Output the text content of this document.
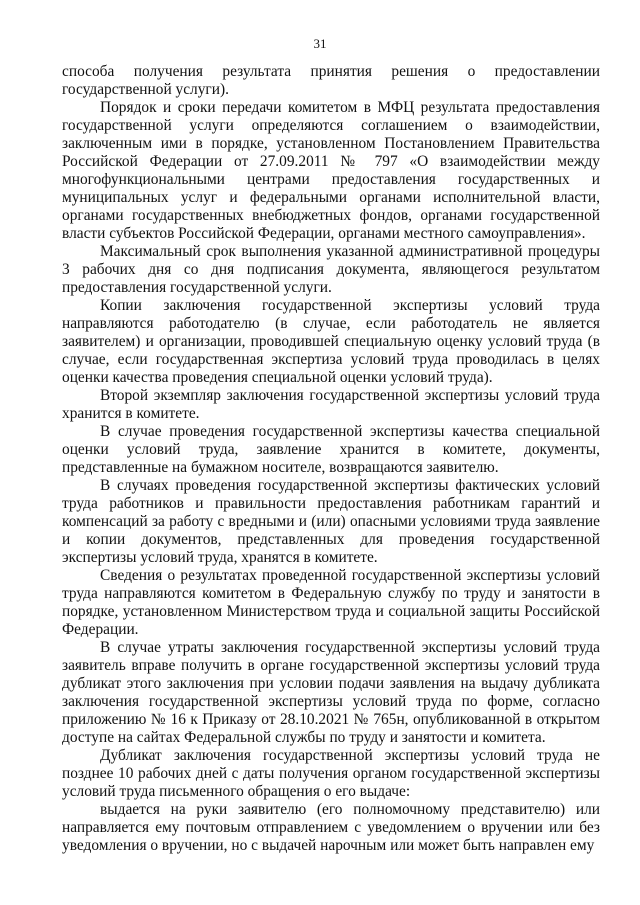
31

способа получения результата принятия решения о предоставлении государственной услуги).

Порядок и сроки передачи комитетом в МФЦ результата предоставления государственной услуги определяются соглашением о взаимодействии, заключенным ими в порядке, установленном Постановлением Правительства Российской Федерации от 27.09.2011 № 797 «О взаимодействии между многофункциональными центрами предоставления государственных и муниципальных услуг и федеральными органами исполнительной власти, органами государственных внебюджетных фондов, органами государственной власти субъектов Российской Федерации, органами местного самоуправления».

Максимальный срок выполнения указанной административной процедуры 3 рабочих дня со дня подписания документа, являющегося результатом предоставления государственной услуги.

Копии заключения государственной экспертизы условий труда направляются работодателю (в случае, если работодатель не является заявителем) и организации, проводившей специальную оценку условий труда (в случае, если государственная экспертиза условий труда проводилась в целях оценки качества проведения специальной оценки условий труда).

Второй экземпляр заключения государственной экспертизы условий труда хранится в комитете.

В случае проведения государственной экспертизы качества специальной оценки условий труда, заявление хранится в комитете, документы, представленные на бумажном носителе, возвращаются заявителю.

В случаях проведения государственной экспертизы фактических условий труда работников и правильности предоставления работникам гарантий и компенсаций за работу с вредными и (или) опасными условиями труда заявление и копии документов, представленных для проведения государственной экспертизы условий труда, хранятся в комитете.

Сведения о результатах проведенной государственной экспертизы условий труда направляются комитетом в Федеральную службу по труду и занятости в порядке, установленном Министерством труда и социальной защиты Российской Федерации.

В случае утраты заключения государственной экспертизы условий труда заявитель вправе получить в органе государственной экспертизы условий труда дубликат этого заключения при условии подачи заявления на выдачу дубликата заключения государственной экспертизы условий труда по форме, согласно приложению № 16 к Приказу от 28.10.2021 № 765н, опубликованной в открытом доступе на сайтах Федеральной службы по труду и занятости и комитета.

Дубликат заключения государственной экспертизы условий труда не позднее 10 рабочих дней с даты получения органом государственной экспертизы условий труда письменного обращения о его выдаче:

выдается на руки заявителю (его полномочному представителю) или направляется ему почтовым отправлением с уведомлением о вручении или без уведомления о вручении, но с выдачей нарочным или может быть направлен ему
